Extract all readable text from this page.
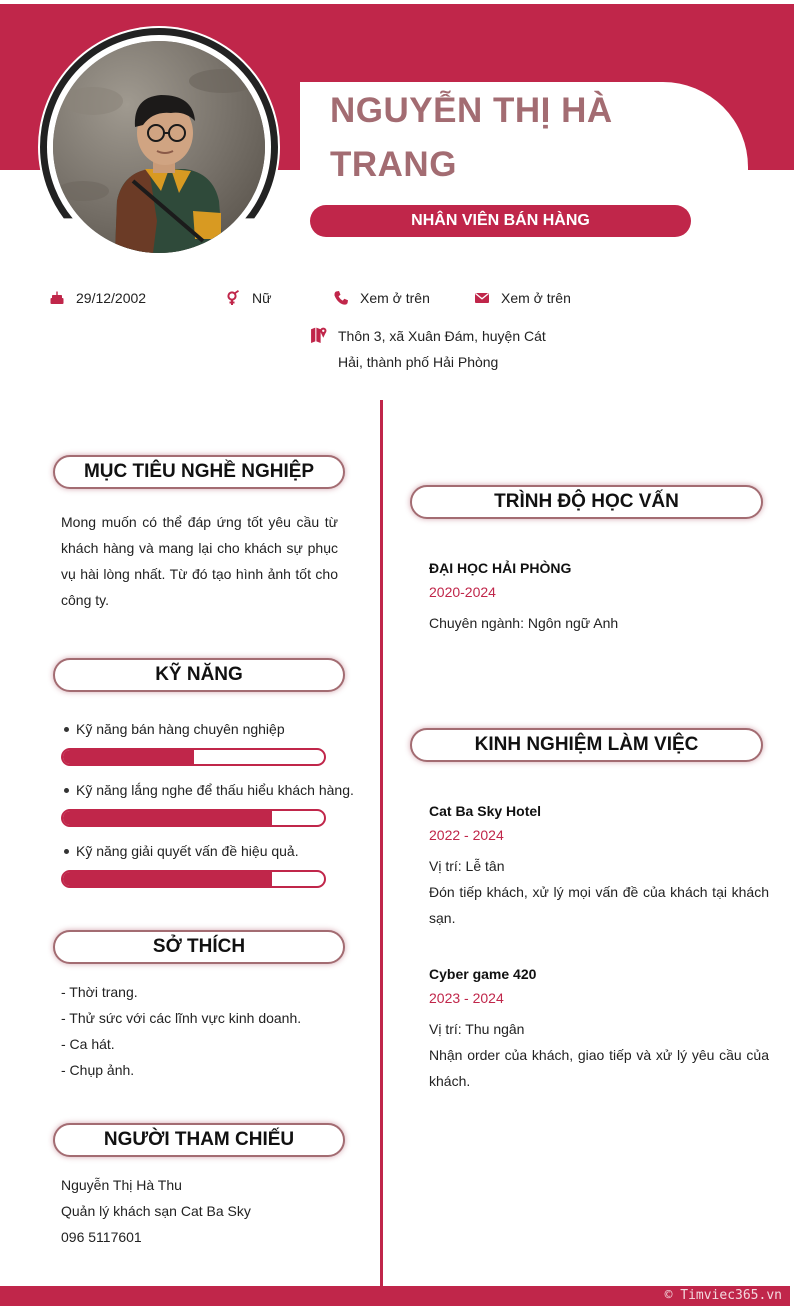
NGUYỄN THỊ HÀ TRANG
NHÂN VIÊN BÁN HÀNG
29/12/2002	Nữ	Xem ở trên	Xem ở trên
Thôn 3, xã Xuân Đám, huyện Cát Hải, thành phố Hải Phòng
MỤC TIÊU NGHỀ NGHIỆP
Mong muốn có thể đáp ứng tốt yêu cầu từ khách hàng và mang lại cho khách sự phục vụ hài lòng nhất. Từ đó tạo hình ảnh tốt cho công ty.
KỸ NĂNG
Kỹ năng bán hàng chuyên nghiệp
Kỹ năng lắng nghe để thấu hiểu khách hàng.
Kỹ năng giải quyết vấn đề hiệu quả.
SỞ THÍCH
- Thời trang.
- Thử sức với các lĩnh vực kinh doanh.
- Ca hát.
- Chụp ảnh.
NGƯỜI THAM CHIẾU
Nguyễn Thị Hà Thu
Quản lý khách sạn Cat Ba Sky
096 5117601
TRÌNH ĐỘ HỌC VẤN
ĐẠI HỌC HẢI PHÒNG
2020-2024
Chuyên ngành: Ngôn ngữ Anh
KINH NGHIỆM LÀM VIỆC
Cat Ba Sky Hotel
2022 - 2024
Vị trí: Lễ tân
Đón tiếp khách, xử lý mọi vấn đề của khách tại khách sạn.
Cyber game 420
2023 - 2024
Vị trí: Thu ngân
Nhận order của khách, giao tiếp và xử lý yêu cầu của khách.
© Timviec365.vn
